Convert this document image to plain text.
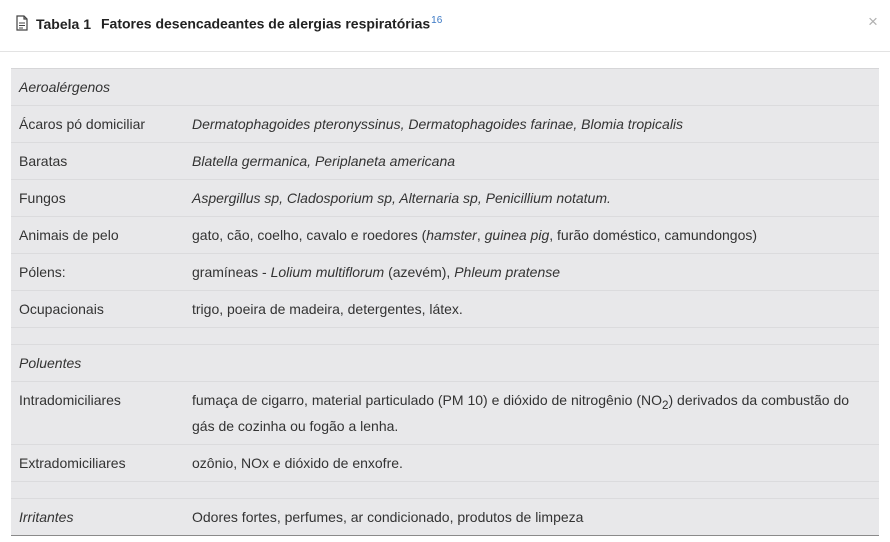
Tabela 1 Fatores desencadeantes de alergias respiratórias$^{16}$	×
Aeroalérgenos
Ácaros pó domiciliar	Dermatophagoides pteronyssinus, Dermatophagoides farinae, Blomia tropicalis
Baratas	Blatella germanica, Periplaneta americana
Fungos	Aspergillus sp, Cladosporium sp, Alternaria sp, Penicillium notatum.
Animais de pelo	gato, cão, coelho, cavalo e roedores (hamster, guinea pig, furão doméstico, camundongos)
Pólens:	gramíneas - Lolium multiflorum (azevém), Phleum pratense
Ocupacionais	trigo, poeira de madeira, detergentes, látex.
Poluentes
Intradomiciliares	fumaça de cigarro, material particulado (PM 10) e dióxido de nitrogênio $(NO_2)$ derivados da combustão do gás de cozinha ou fogão a lenha.
Extradomiciliares	ozônio, NOx e dióxido de enxofre.
Irritantes	Odores fortes, perfumes, ar condicionado, produtos de limpeza
